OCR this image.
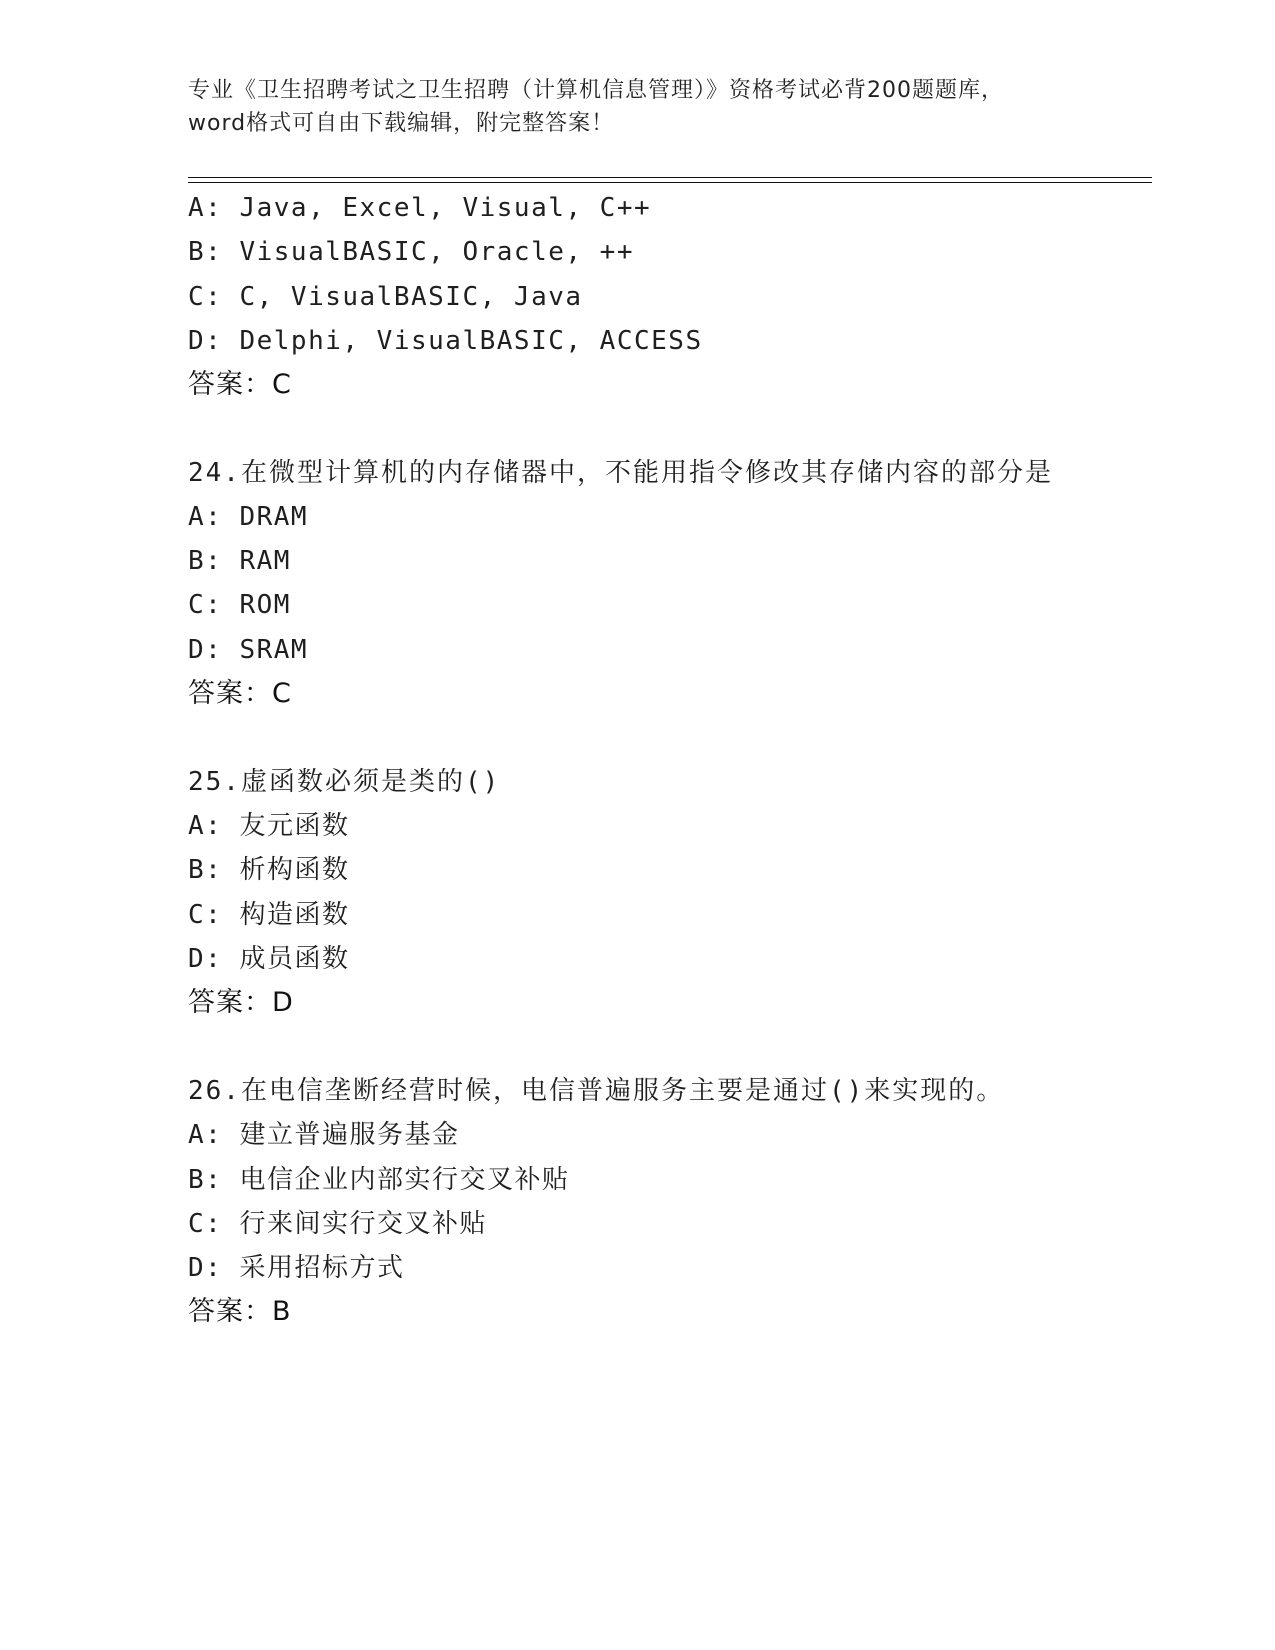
专业《卫生招聘考试之卫生招聘（计算机信息管理）》资格考试必背200题题库，
word格式可自由下载编辑，附完整答案！
A: Java, Excel, Visual, C++
B: VisualBASIC, Oracle, ++
C: C, VisualBASIC, Java
D: Delphi, VisualBASIC, ACCESS
答案：C
24.在微型计算机的内存储器中，不能用指令修改其存储内容的部分是
A: DRAM
B: RAM
C: ROM
D: SRAM
答案：C
25.虚函数必须是类的()
A: 友元函数
B: 析构函数
C: 构造函数
D: 成员函数
答案：D
26.在电信垄断经营时候，电信普遍服务主要是通过()来实现的。
A: 建立普遍服务基金
B: 电信企业内部实行交叉补贴
C: 行来间实行交叉补贴
D: 采用招标方式
答案：B
